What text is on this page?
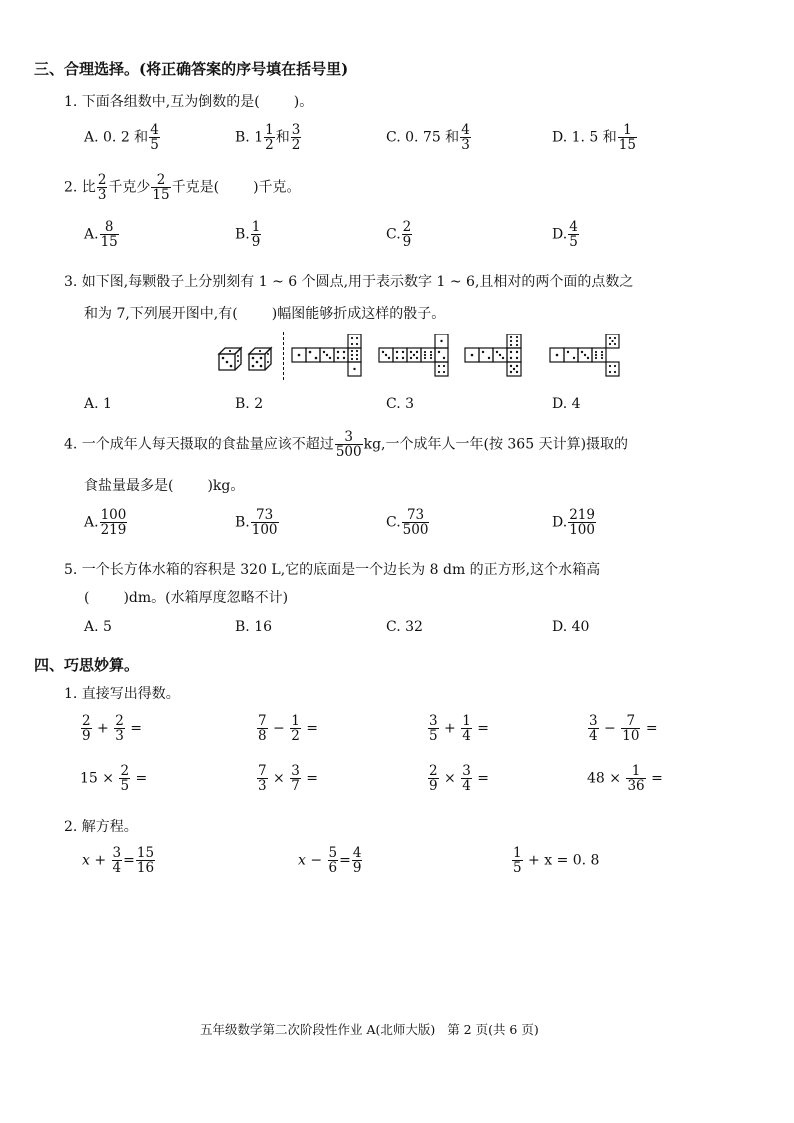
三、合理选择。(将正确答案的序号填在括号里)
1. 下面各组数中,互为倒数的是( )。
A. 0. 2 和 $\frac{4}{5}$	B. $1 \frac{1}{2}$ 和 $\frac{3}{2}$	C. 0. 75 和 $\frac{4}{3}$	D. 1. 5 和 $\frac{1}{15}$
2. 比 $\frac{2}{3}$ 千克少 $\frac{2}{15}$ 千克是( )千克。
A. $\frac{8}{15}$	B. $\frac{1}{9}$	C. $\frac{2}{9}$	D. $\frac{4}{5}$
3. 如下图,每颗骰子上分别刻有 1 ~ 6 个圆点,用于表示数字 1 ~ 6,且相对的两个面的点数之
和为 7,下列展开图中,有( )幅图能够折成这样的骰子。
A. 1	B. 2	C. 3	D. 4
4. 一个成年人每天摄取的食盐量应该不超过 $\frac{3}{500}$ kg,一个成年人一年(按 365 天计算)摄取的
食盐量最多是( )kg。
A. $\frac{100}{219}$	B. $\frac{73}{100}$	C. $\frac{73}{500}$	D. $\frac{219}{100}$
5. 一个长方体水箱的容积是 320 L,它的底面是一个边长为 8 dm 的正方形,这个水箱高
( )dm。(水箱厚度忽略不计)
A. 5	B. 16	C. 32	D. 40
四、巧思妙算。
1. 直接写出得数。
$\frac{2}{9} + \frac{2}{3}$ =	$\frac{7}{8} - \frac{1}{2}$ =	$\frac{3}{5} + \frac{1}{4}$ =	$\frac{3}{4} - \frac{7}{10}$ =
$15 \times \frac{2}{5}$ =	$\frac{7}{3} \times \frac{3}{7}$ =	$\frac{2}{9} \times \frac{3}{4}$ =	$48 \times \frac{1}{36}$ =
2. 解方程。
$x + \frac{3}{4} = \frac{15}{16}$	$x - \frac{5}{6} = \frac{4}{9}$	$\frac{1}{5} + x = 0$. 8
五年级数学第二次阶段性作业 A(北师大版) 第 2 页(共 6 页)
